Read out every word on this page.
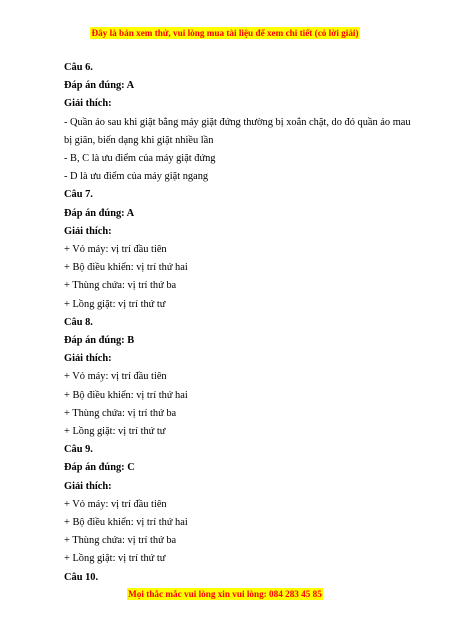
Đây là bản xem thử, vui lòng mua tài liệu để xem chi tiết (có lời giải)
Câu 6.
Đáp án đúng: A
Giải thích:
- Quần áo sau khi giặt bằng máy giặt đứng thường bị xoắn chặt, do đó quần áo mau bị giãn, biến dạng khi giặt nhiều lần
- B, C là ưu điểm của máy giặt đứng
- D là ưu điểm của máy giặt ngang
Câu 7.
Đáp án đúng: A
Giải thích:
+ Vỏ máy: vị trí đầu tiên
+ Bộ điều khiển: vị trí thứ hai
+ Thùng chứa: vị trí thứ ba
+ Lồng giặt: vị trí thứ tư
Câu 8.
Đáp án đúng: B
Giải thích:
+ Vỏ máy: vị trí đầu tiên
+ Bộ điều khiển: vị trí thứ hai
+ Thùng chứa: vị trí thứ ba
+ Lồng giặt: vị trí thứ tư
Câu 9.
Đáp án đúng: C
Giải thích:
+ Vỏ máy: vị trí đầu tiên
+ Bộ điều khiển: vị trí thứ hai
+ Thùng chứa: vị trí thứ ba
+ Lồng giặt: vị trí thứ tư
Câu 10.
Mọi thắc mắc vui lòng xin vui lòng: 084 283 45 85
